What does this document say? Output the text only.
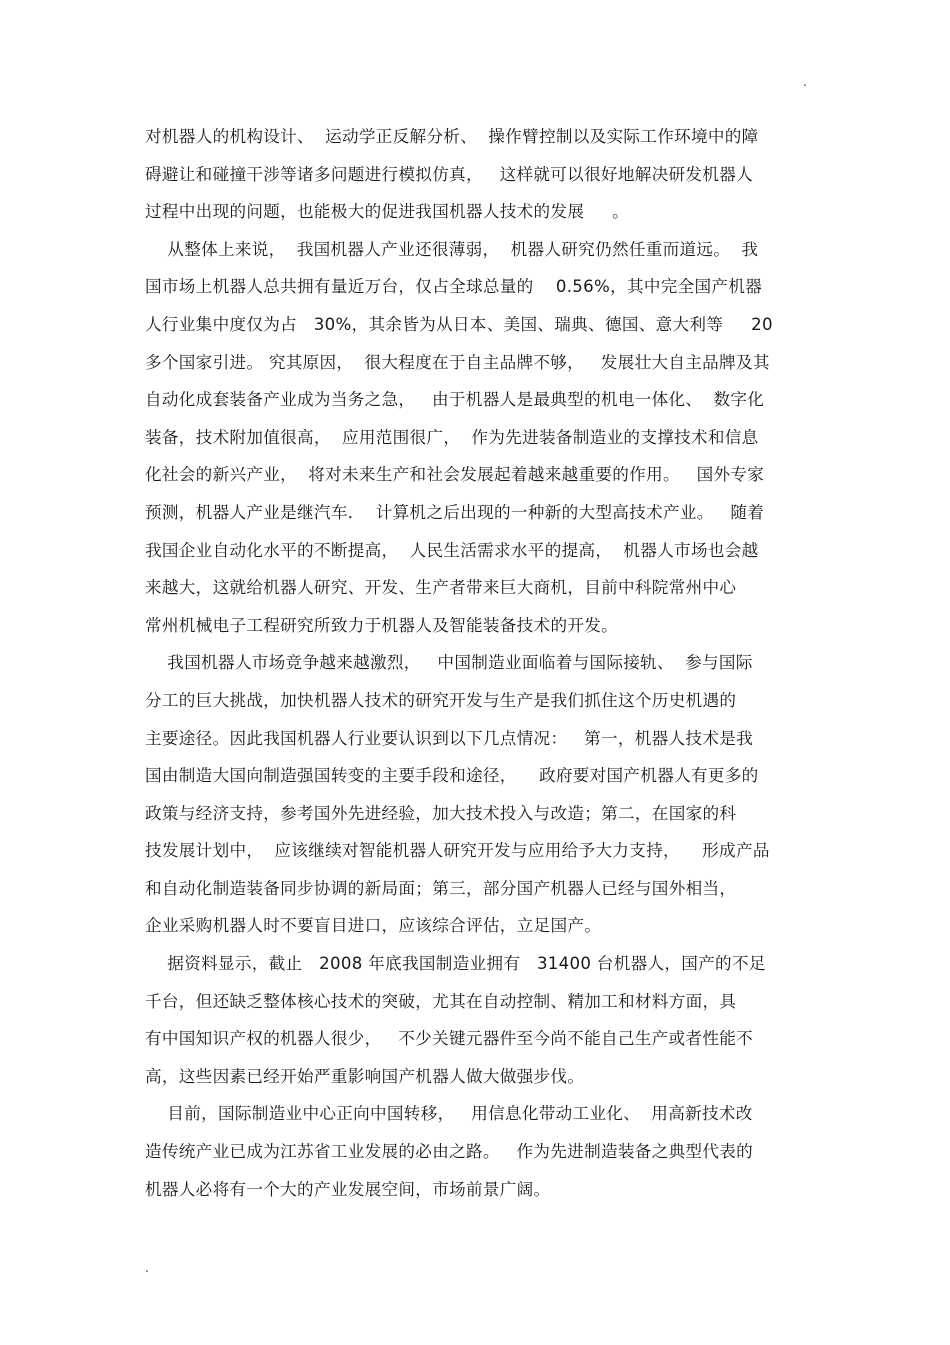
.
对机器人的机构设计、  运动学正反解分析、  操作臂控制以及实际工作环境中的障
碍避让和碰撞干涉等诸多问题进行模拟仿真，   这样就可以很好地解决研发机器人
过程中出现的问题，也能极大的促进我国机器人技术的发展     。
从整体上来说，  我国机器人产业还很薄弱，  机器人研究仍然任重而道远。  我
国市场上机器人总共拥有量近万台，仅占全球总量的    0.56%，其中完全国产机器
人行业集中度仅为占   30%，其余皆为从日本、美国、瑞典、德国、意大利等     20
多个国家引进。 究其原因，  很大程度在于自主品牌不够，   发展壮大自主品牌及其
自动化成套装备产业成为当务之急，   由于机器人是最典型的机电一体化、  数字化
装备，技术附加值很高，  应用范围很广，  作为先进装备制造业的支撑技术和信息
化社会的新兴产业，  将对未来生产和社会发展起着越来越重要的作用。   国外专家
预测，机器人产业是继汽车．  计算机之后出现的一种新的大型高技术产业。   随着
我国企业自动化水平的不断提高，  人民生活需求水平的提高，  机器人市场也会越
来越大，这就给机器人研究、开发、生产者带来巨大商机，目前中科院常州中心
常州机械电子工程研究所致力于机器人及智能装备技术的开发。
我国机器人市场竞争越来越激烈，   中国制造业面临着与国际接轨、  参与国际
分工的巨大挑战，加快机器人技术的研究开发与生产是我们抓住这个历史机遇的
主要途径。因此我国机器人行业要认识到以下几点情况：   第一，机器人技术是我
国由制造大国向制造强国转变的主要手段和途径，    政府要对国产机器人有更多的
政策与经济支持，参考国外先进经验，加大技术投入与改造；第二，在国家的科
技发展计划中，  应该继续对智能机器人研究开发与应用给予大力支持，    形成产品
和自动化制造装备同步协调的新局面；第三，部分国产机器人已经与国外相当，
企业采购机器人时不要盲目进口，应该综合评估，立足国产。
据资料显示，截止   2008 年底我国制造业拥有   31400 台机器人，国产的不足
千台，但还缺乏整体核心技术的突破，尤其在自动控制、精加工和材料方面，具
有中国知识产权的机器人很少，   不少关键元器件至今尚不能自己生产或者性能不
高，这些因素已经开始严重影响国产机器人做大做强步伐。
目前，国际制造业中心正向中国转移，   用信息化带动工业化、  用高新技术改
造传统产业已成为江苏省工业发展的必由之路。   作为先进制造装备之典型代表的
机器人必将有一个大的产业发展空间，市场前景广阔。
.
